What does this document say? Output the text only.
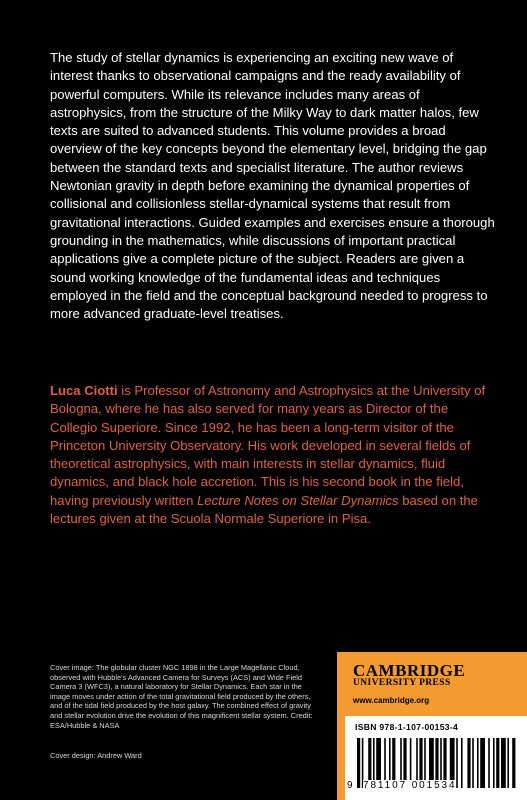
The study of stellar dynamics is experiencing an exciting new wave of interest thanks to observational campaigns and the ready availability of powerful computers. While its relevance includes many areas of astrophysics, from the structure of the Milky Way to dark matter halos, few texts are suited to advanced students. This volume provides a broad overview of the key concepts beyond the elementary level, bridging the gap between the standard texts and specialist literature. The author reviews Newtonian gravity in depth before examining the dynamical properties of collisional and collisionless stellar-dynamical systems that result from gravitational interactions. Guided examples and exercises ensure a thorough grounding in the mathematics, while discussions of important practical applications give a complete picture of the subject. Readers are given a sound working knowledge of the fundamental ideas and techniques employed in the field and the conceptual background needed to progress to more advanced graduate-level treatises.

Luca Ciotti is Professor of Astronomy and Astrophysics at the University of Bologna, where he has also served for many years as Director of the Collegio Superiore. Since 1992, he has been a long-term visitor of the Princeton University Observatory. His work developed in several fields of theoretical astrophysics, with main interests in stellar dynamics, fluid dynamics, and black hole accretion. This is his second book in the field, having previously written Lecture Notes on Stellar Dynamics based on the lectures given at the Scuola Normale Superiore in Pisa.

Cover image: The globular cluster NGC 1898 in the Large Magellanic Cloud, observed with Hubble's Advanced Camera for Surveys (ACS) and Wide Field Camera 3 (WFC3), a natural laboratory for Stellar Dynamics. Each star in the image moves under action of the total gravitational field produced by the others, and of the tidal field produced by the host galaxy. The combined effect of gravity and stellar evolution drive the evolution of this magnificent stellar system. Credit: ESA/Hubble & NASA

Cover design: Andrew Ward

CAMBRIDGE
UNIVERSITY PRESS
www.cambridge.org
ISBN 978-1-107-00153-4
9 781107 001534
